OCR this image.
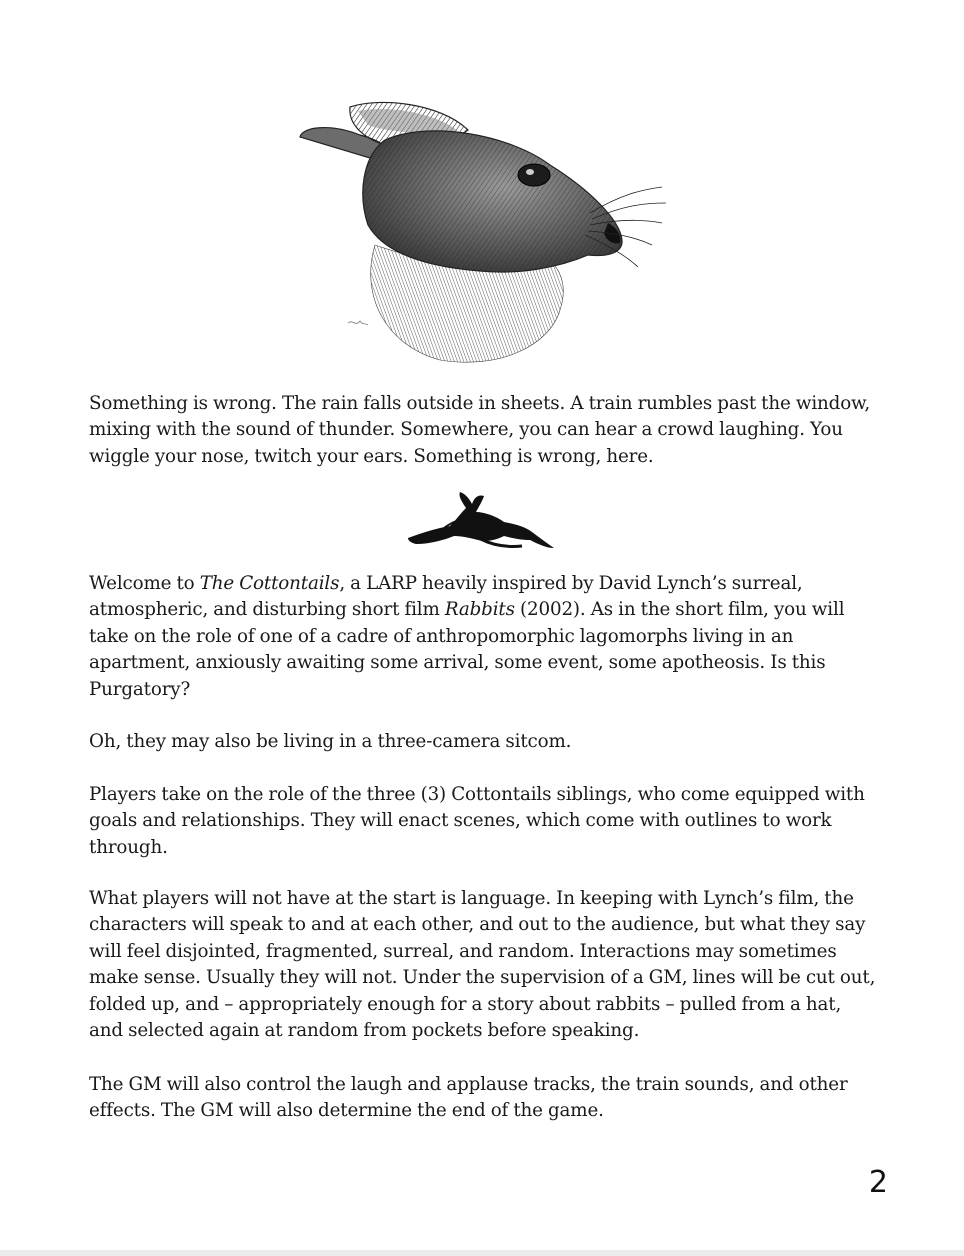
Something is wrong. The rain falls outside in sheets. A train rumbles past the window, mixing with the sound of thunder. Somewhere, you can hear a crowd laughing. You wiggle your nose, twitch your ears. Something is wrong, here.

Welcome to The Cottontails, a LARP heavily inspired by David Lynch’s surreal, atmospheric, and disturbing short film Rabbits (2002). As in the short film, you will take on the role of one of a cadre of anthropomorphic lagomorphs living in an apartment, anxiously awaiting some arrival, some event, some apotheosis. Is this Purgatory?

Oh, they may also be living in a three-camera sitcom.

Players take on the role of the three (3) Cottontails siblings, who come equipped with goals and relationships. They will enact scenes, which come with outlines to work through.

What players will not have at the start is language. In keeping with Lynch’s film, the characters will speak to and at each other, and out to the audience, but what they say will feel disjointed, fragmented, surreal, and random. Interactions may sometimes make sense. Usually they will not. Under the supervision of a GM, lines will be cut out, folded up, and – appropriately enough for a story about rabbits – pulled from a hat, and selected again at random from pockets before speaking.

The GM will also control the laugh and applause tracks, the train sounds, and other effects. The GM will also determine the end of the game.

2
